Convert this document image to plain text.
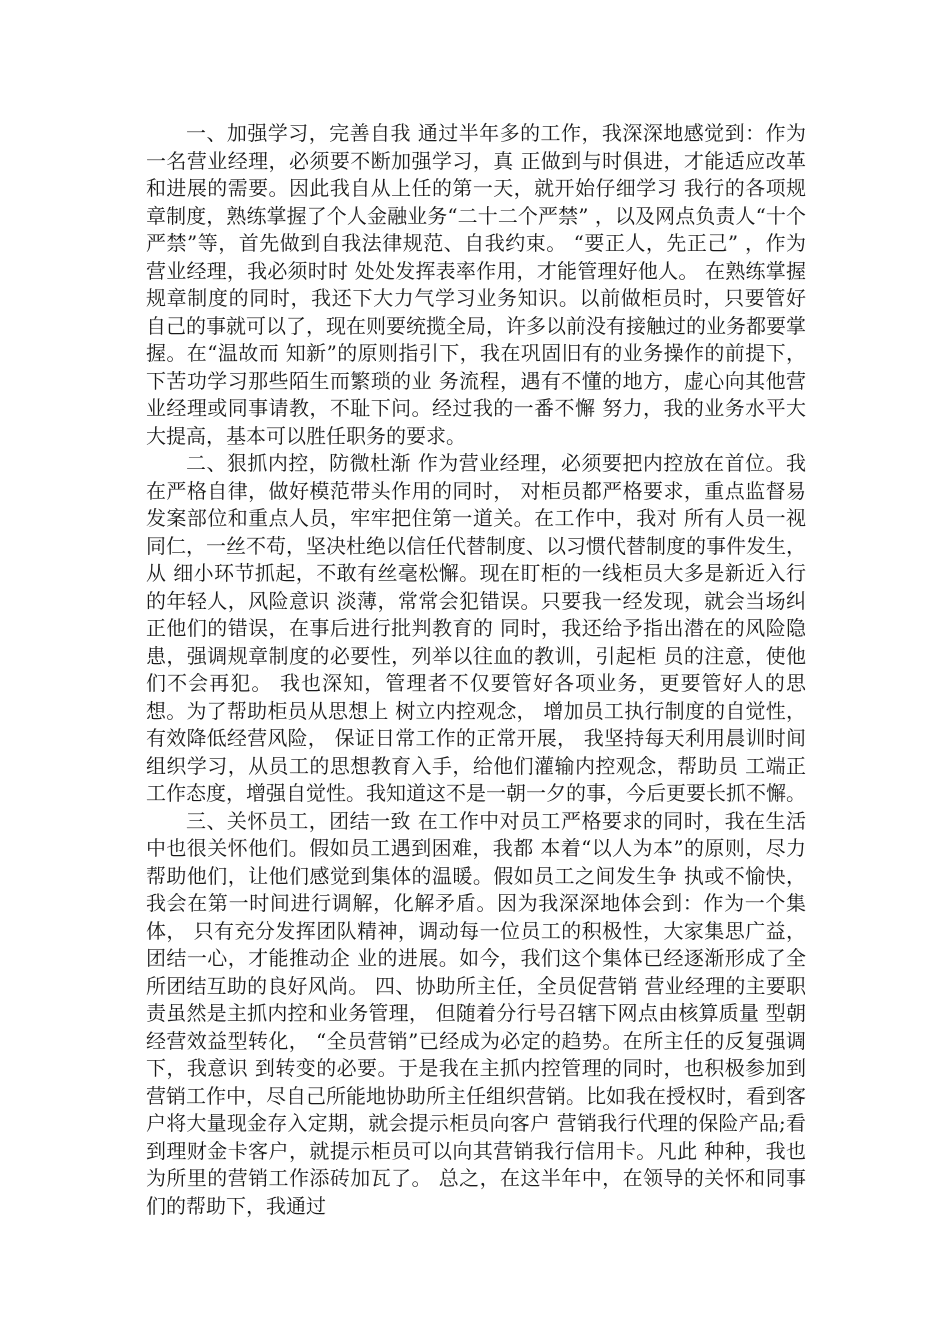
一、加强学习，完善自我 通过半年多的工作，我深深地感觉到：作为一名营业经理，必须要不断加强学习，真 正做到与时俱进，才能适应改革和进展的需要。因此我自从上任的第一天，就开始仔细学习 我行的各项规章制度，熟练掌握了个人金融业务“二十二个严禁” ，以及网点负责人“十个 严禁”等，首先做到自我法律规范、自我约束。 “要正人，先正己” ，作为营业经理，我必须时时 处处发挥表率作用，才能管理好他人。 在熟练掌握规章制度的同时，我还下大力气学习业务知识。以前做柜员时，只要管好 自己的事就可以了，现在则要统揽全局，许多以前没有接触过的业务都要掌握。在“温故而 知新”的原则指引下，我在巩固旧有的业务操作的前提下，下苦功学习那些陌生而繁琐的业 务流程，遇有不懂的地方，虚心向其他营业经理或同事请教，不耻下问。经过我的一番不懈 努力，我的业务水平大大提高，基本可以胜任职务的要求。

二、狠抓内控，防微杜渐 作为营业经理，必须要把内控放在首位。我在严格自律，做好模范带头作用的同时， 对柜员都严格要求，重点监督易发案部位和重点人员，牢牢把住第一道关。在工作中，我对 所有人员一视同仁，一丝不苟，坚决杜绝以信任代替制度、以习惯代替制度的事件发生，从 细小环节抓起，不敢有丝毫松懈。现在盯柜的一线柜员大多是新近入行的年轻人，风险意识 淡薄，常常会犯错误。只要我一经发现，就会当场纠正他们的错误，在事后进行批判教育的 同时，我还给予指出潜在的风险隐患，强调规章制度的必要性，列举以往血的教训，引起柜 员的注意，使他们不会再犯。 我也深知，管理者不仅要管好各项业务，更要管好人的思想。为了帮助柜员从思想上 树立内控观念， 增加员工执行制度的自觉性，有效降低经营风险， 保证日常工作的正常开展， 我坚持每天利用晨训时间组织学习，从员工的思想教育入手，给他们灌输内控观念，帮助员 工端正工作态度，增强自觉性。我知道这不是一朝一夕的事，今后更要长抓不懈。

三、关怀员工，团结一致 在工作中对员工严格要求的同时，我在生活中也很关怀他们。假如员工遇到困难，我都 本着“以人为本”的原则，尽力帮助他们，让他们感觉到集体的温暖。假如员工之间发生争 执或不愉快，我会在第一时间进行调解，化解矛盾。因为我深深地体会到：作为一个集体， 只有充分发挥团队精神，调动每一位员工的积极性，大家集思广益，团结一心，才能推动企 业的进展。如今，我们这个集体已经逐渐形成了全所团结互助的良好风尚。 四、协助所主任，全员促营销 营业经理的主要职责虽然是主抓内控和业务管理， 但随着分行号召辖下网点由核算质量 型朝经营效益型转化， “全员营销”已经成为必定的趋势。在所主任的反复强调下，我意识 到转变的必要。于是我在主抓内控管理的同时，也积极参加到营销工作中，尽自己所能地协助所主任组织营销。比如我在授权时，看到客户将大量现金存入定期，就会提示柜员向客户 营销我行代理的保险产品;看到理财金卡客户，就提示柜员可以向其营销我行信用卡。凡此 种种，我也为所里的营销工作添砖加瓦了。 总之，在这半年中，在领导的关怀和同事们的帮助下，我通过
